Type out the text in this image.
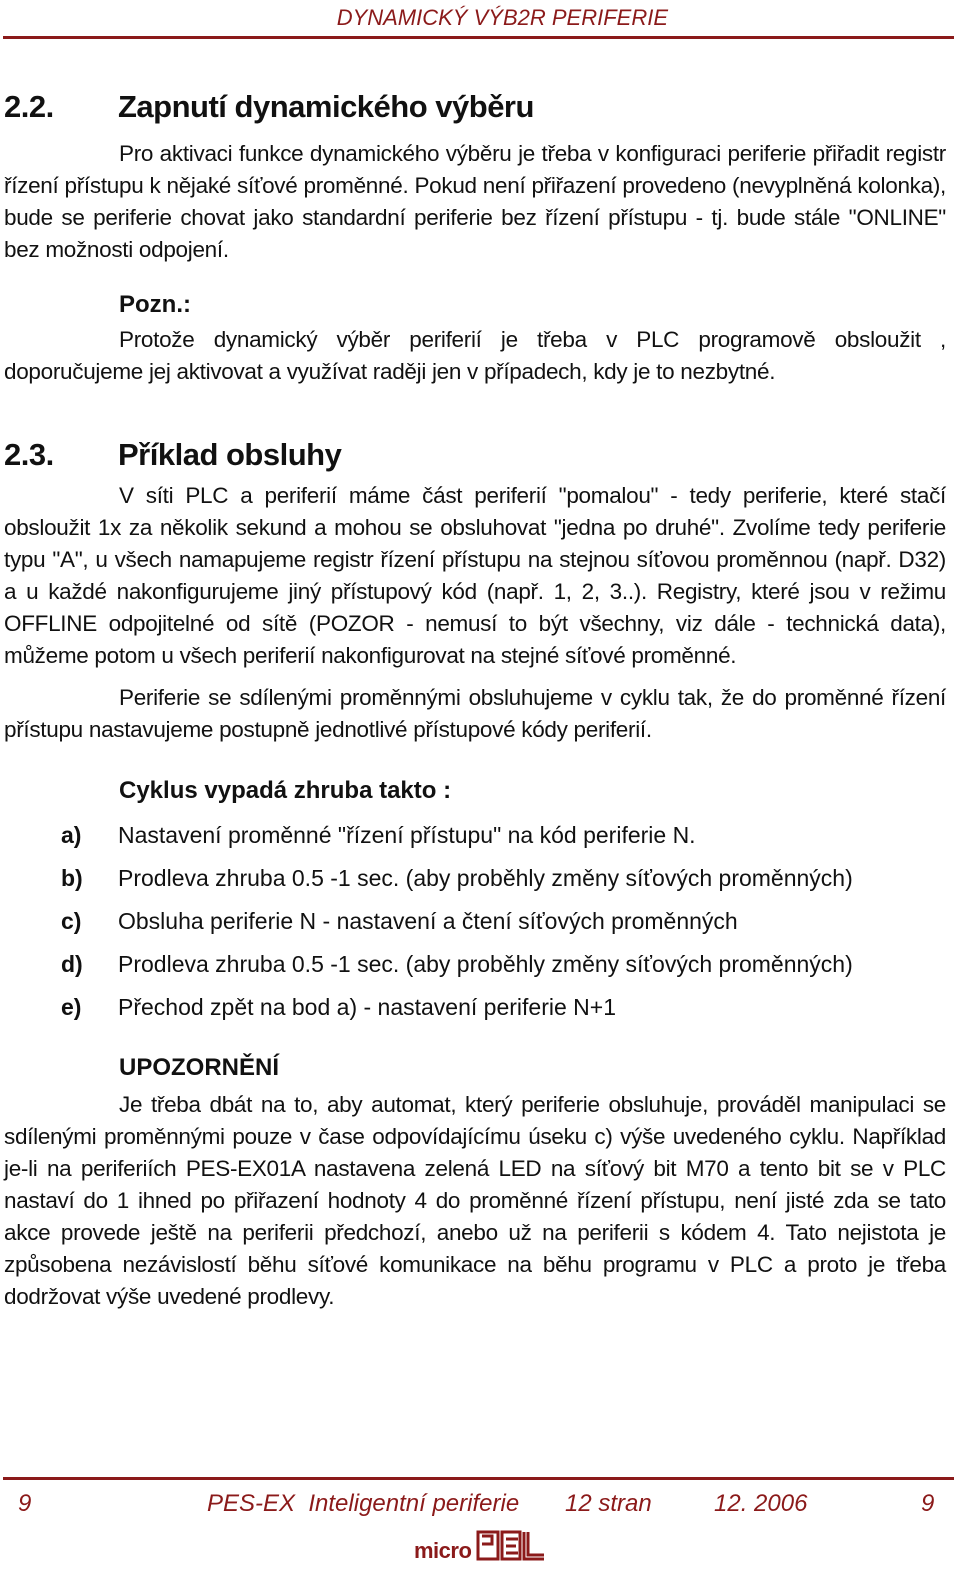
DYNAMICKÝ VÝB2R PERIFERIE
2.2.	Zapnutí dynamického výběru
Pro aktivaci funkce dynamického výběru je třeba v konfiguraci periferie přiřadit registr řízení přístupu k nějaké síťové proměnné. Pokud není přiřazení provedeno (nevyplněná kolonka), bude se periferie chovat jako standardní periferie bez řízení přístupu - tj. bude stále "ONLINE" bez možnosti odpojení.
Pozn.:
Protože dynamický výběr periferií je třeba v PLC programově obsloužit , doporučujeme jej aktivovat a využívat raději jen v případech, kdy je to nezbytné.
2.3.	Příklad obsluhy
V síti PLC a periferií máme část periferií "pomalou" - tedy periferie, které stačí obsloužit 1x za několik sekund a mohou se obsluhovat "jedna po druhé". Zvolíme tedy periferie typu "A", u všech namapujeme registr řízení přístupu na stejnou síťovou proměnnou (např. D32) a u každé nakonfigurujeme jiný přístupový kód (např. 1, 2, 3..). Registry, které jsou v režimu OFFLINE odpojitelné od sítě (POZOR - nemusí to být všechny, viz dále - technická data), můžeme potom u všech periferií nakonfigurovat na stejné síťové proměnné.
Periferie se sdílenými proměnnými obsluhujeme v cyklu tak, že do proměnné řízení přístupu nastavujeme postupně jednotlivé přístupové kódy periferií.
Cyklus vypadá zhruba takto :
a)	Nastavení proměnné "řízení přístupu" na kód periferie N.
b)	Prodleva zhruba 0.5 -1 sec. (aby proběhly změny síťových proměnných)
c)	Obsluha periferie N - nastavení a čtení síťových proměnných
d)	Prodleva zhruba 0.5 -1 sec. (aby proběhly změny síťových proměnných)
e)	Přechod zpět na bod a) - nastavení periferie N+1
UPOZORNĚNÍ
Je třeba dbát na to, aby automat, který periferie obsluhuje, prováděl manipulaci se sdílenými proměnnými pouze v čase odpovídajícímu úseku c) výše uvedeného cyklu. Například je-li na periferiích PES-EX01A nastavena zelená LED na síťový bit M70 a tento bit se v PLC nastaví do 1 ihned po přiřazení hodnoty 4 do proměnné řízení přístupu, není jisté zda se tato akce provede ještě na periferii předchozí, anebo už na periferii s kódem 4. Tato nejistota je způsobena nezávislostí běhu síťové komunikace na běhu programu v PLC a proto je třeba dodržovat výše uvedené prodlevy.
9	PES-EX  Inteligentní periferie 12 stran	12. 2006	9
micro
